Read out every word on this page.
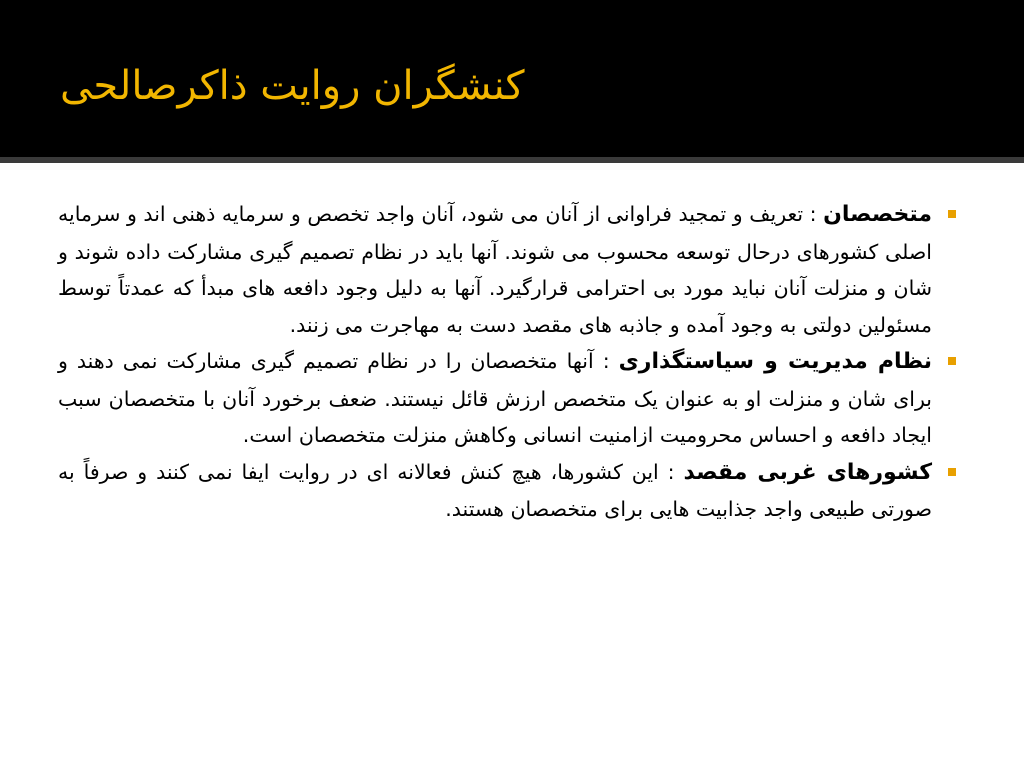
کنشگران روایت ذاکرصالحی

متخصصان : تعریف و تمجید فراوانی از آنان می شود، آنان واجد تخصص و سرمایه ذهنی اند و سرمایه اصلی کشورهای درحال توسعه محسوب می شوند. آنها باید در نظام تصمیم گیری مشارکت داده شوند و شان و منزلت آنان نباید مورد بی احترامی قرارگیرد. آنها به دلیل وجود دافعه های مبدأ که عمدتاً توسط مسئولین دولتی به وجود آمده و جاذبه های مقصد دست به مهاجرت می زنند.

نظام مدیریت و سیاستگذاری : آنها متخصصان را در نظام تصمیم گیری مشارکت نمی دهند و برای شان و منزلت او به عنوان یک متخصص ارزش قائل نیستند. ضعف برخورد آنان با متخصصان سبب ایجاد دافعه و احساس محرومیت ازامنیت انسانی وکاهش منزلت متخصصان است.

کشورهای غربی مقصد : این کشورها، هیچ کنش فعالانه ای در روایت ایفا نمی کنند و صرفاً به صورتی طبیعی واجد جذابیت هایی برای متخصصان هستند.
